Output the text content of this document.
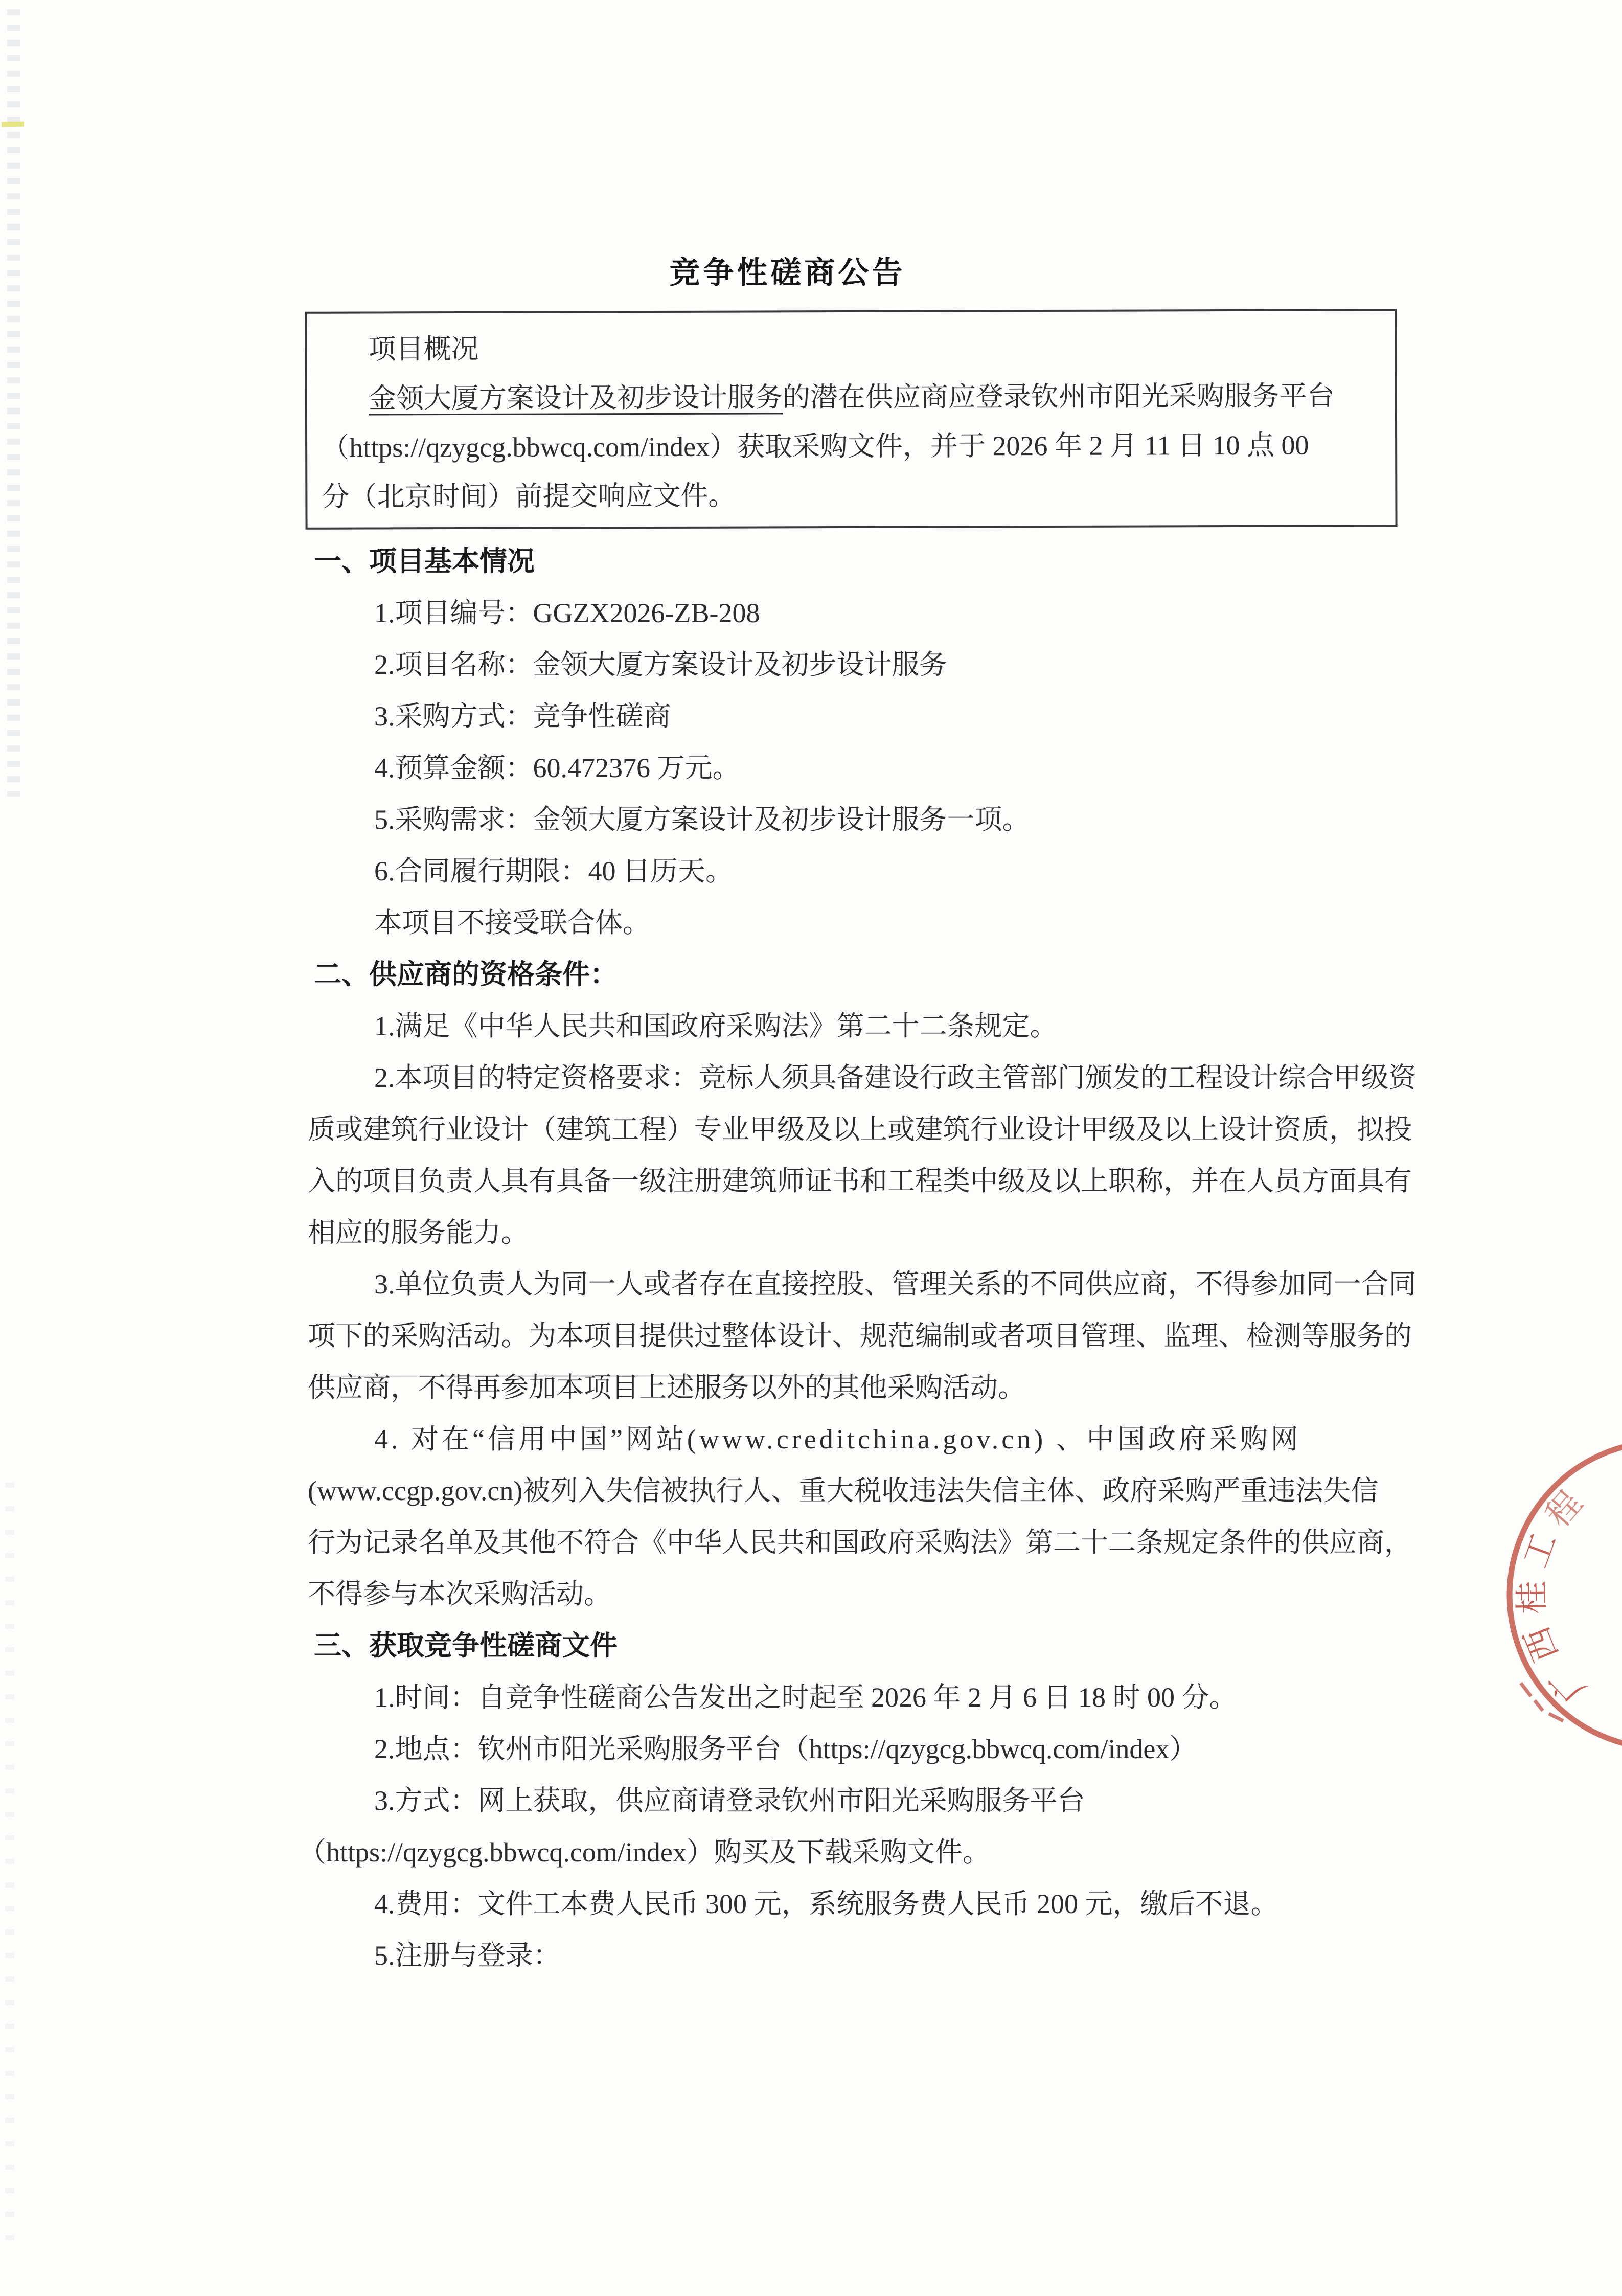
竞争性磋商公告
项目概况
金领大厦方案设计及初步设计服务的潜在供应商应登录钦州市阳光采购服务平台
（https://qzygcg.bbwcq.com/index）获取采购文件，并于 2026 年 2 月 11 日 10 点 00
分（北京时间）前提交响应文件。
一、项目基本情况
1.项目编号：GGZX2026-ZB-208
2.项目名称：金领大厦方案设计及初步设计服务
3.采购方式：竞争性磋商
4.预算金额：60.472376 万元。
5.采购需求：金领大厦方案设计及初步设计服务一项。
6.合同履行期限：40 日历天。
本项目不接受联合体。
二、供应商的资格条件：
1.满足《中华人民共和国政府采购法》第二十二条规定。
2.本项目的特定资格要求：竞标人须具备建设行政主管部门颁发的工程设计综合甲级资
质或建筑行业设计（建筑工程）专业甲级及以上或建筑行业设计甲级及以上设计资质，拟投
入的项目负责人具有具备一级注册建筑师证书和工程类中级及以上职称，并在人员方面具有
相应的服务能力。
3.单位负责人为同一人或者存在直接控股、管理关系的不同供应商，不得参加同一合同
项下的采购活动。为本项目提供过整体设计、规范编制或者项目管理、监理、检测等服务的
供应商，不得再参加本项目上述服务以外的其他采购活动。
4. 对在“信用中国”网站(www.creditchina.gov.cn) 、中国政府采购网
(www.ccgp.gov.cn)被列入失信被执行人、重大税收违法失信主体、政府采购严重违法失信
行为记录名单及其他不符合《中华人民共和国政府采购法》第二十二条规定条件的供应商，
不得参与本次采购活动。
三、获取竞争性磋商文件
1.时间：自竞争性磋商公告发出之时起至 2026 年 2 月 6 日 18 时 00 分。
2.地点：钦州市阳光采购服务平台（https://qzygcg.bbwcq.com/index）
3.方式：网上获取，供应商请登录钦州市阳光采购服务平台
（https://qzygcg.bbwcq.com/index）购买及下载采购文件。
4.费用：文件工本费人民币 300 元，系统服务费人民币 200 元，缴后不退。
5.注册与登录：
广
西
桂
工
程
